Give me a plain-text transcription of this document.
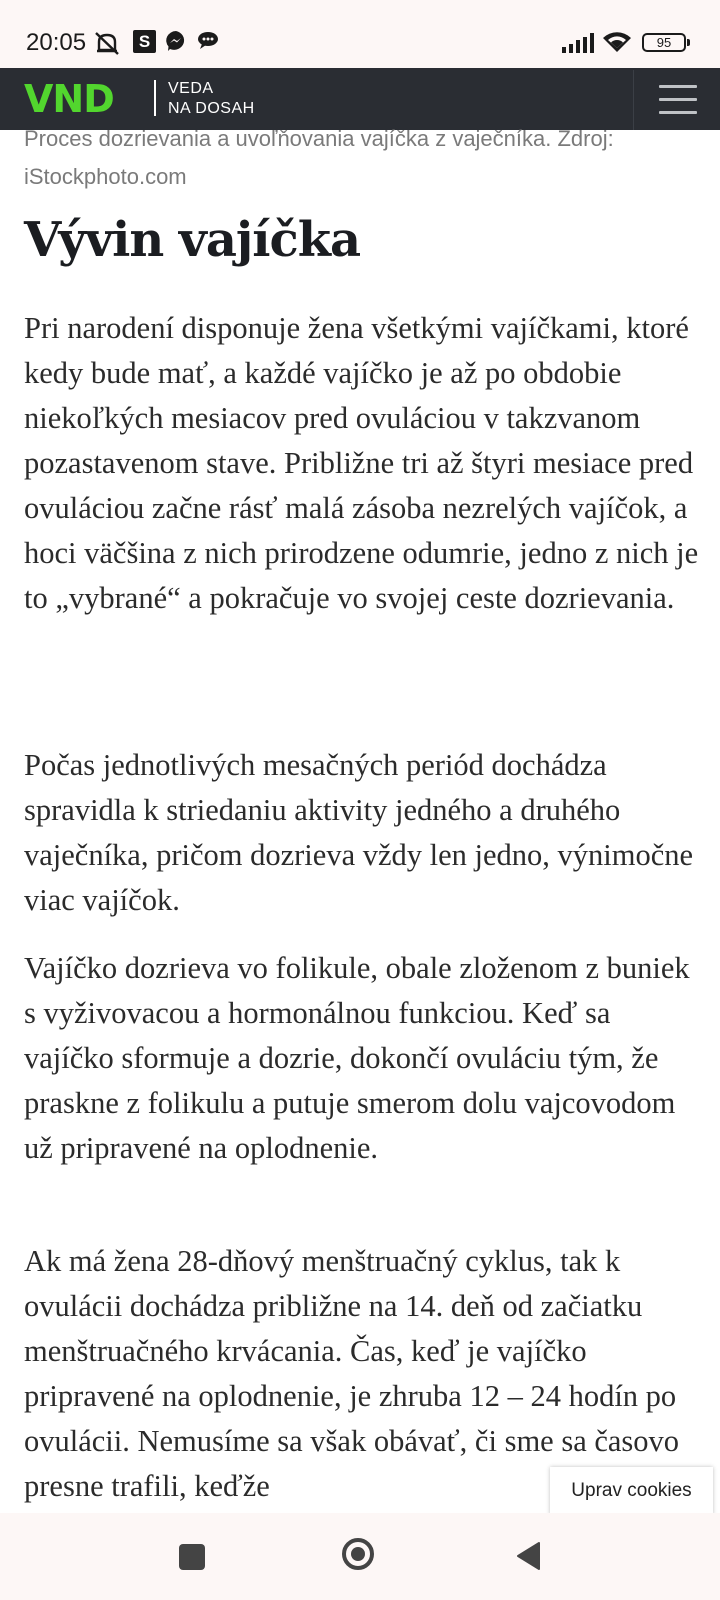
20:05	S	95
VND	VEDA
NA DOSAH
Proces dozrievania a uvoľňovania vajíčka z vaječníka. Zdroj: iStockphoto.com
Vývin vajíčka

Pri narodení disponuje žena všetkými vajíčkami, ktoré kedy bude mať, a každé vajíčko je až po obdobie niekoľkých mesiacov pred ovuláciou v takzvanom pozastavenom stave. Približne tri až štyri mesiace pred ovuláciou začne rásť malá zásoba nezrelých vajíčok, a hoci väčšina z nich prirodzene odumrie, jedno z nich je to „vybrané“ a pokračuje vo svojej ceste dozrievania.

Počas jednotlivých mesačných periód dochádza spravidla k striedaniu aktivity jedného a druhého vaječníka, pričom dozrieva vždy len jedno, výnimočne viac vajíčok.

Vajíčko dozrieva vo folikule, obale zloženom z buniek s vyživovacou a hormonálnou funkciou. Keď sa vajíčko sformuje a dozrie, dokončí ovuláciu tým, že praskne z folikulu a putuje smerom dolu vajcovodom už pripravené na oplodnenie.

Ak má žena 28-dňový menštruačný cyklus, tak k ovulácii dochádza približne na 14. deň od začiatku menštruačného krvácania. Čas, keď je vajíčko pripravené na oplodnenie, je zhruba 12 – 24 hodín po ovulácii. Nemusíme sa však obávať, či sme sa časovo presne trafili, keďže	Uprav cookies
